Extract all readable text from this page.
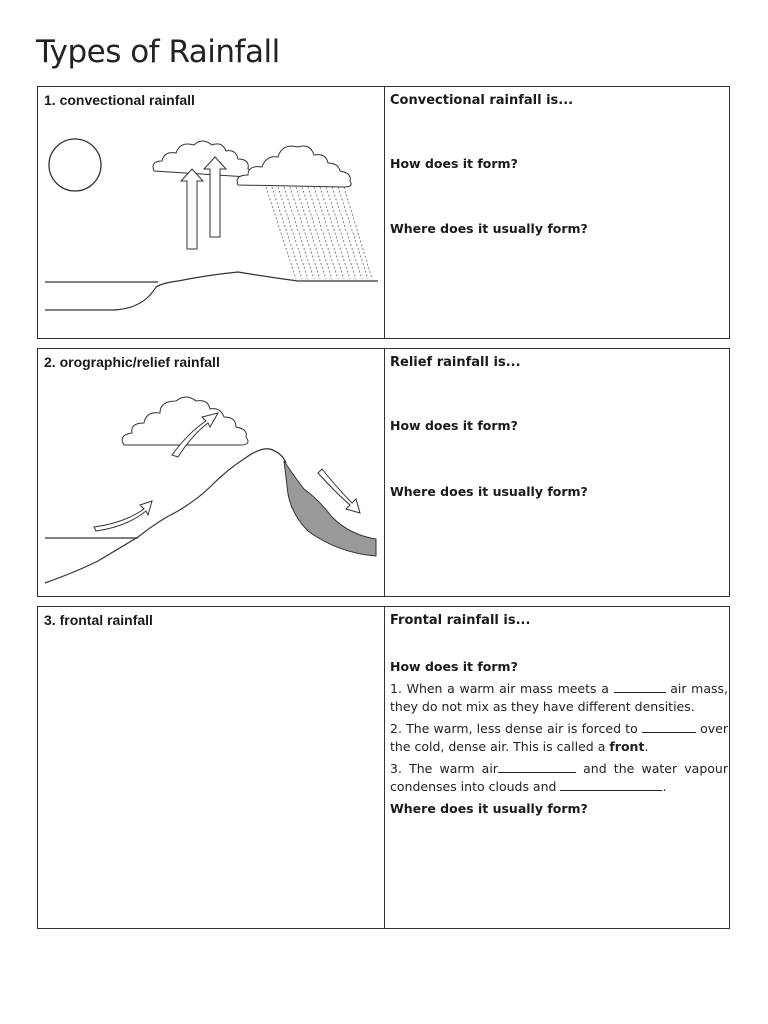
Types of Rainfall
1. convectional rainfall	Convectional rainfall is...
How does it form?
Where does it usually form?
2. orographic/relief rainfall	Relief rainfall is...
How does it form?
Where does it usually form?
3. frontal rainfall	Frontal rainfall is...
How does it form?
1. When a warm air mass meets a	air mass, they do not mix as they have different densities.
2. The warm, less dense air is forced to	over the cold, dense air. This is called a front.
3. The warm air	and the water vapour condenses into clouds and	.
Where does it usually form?
